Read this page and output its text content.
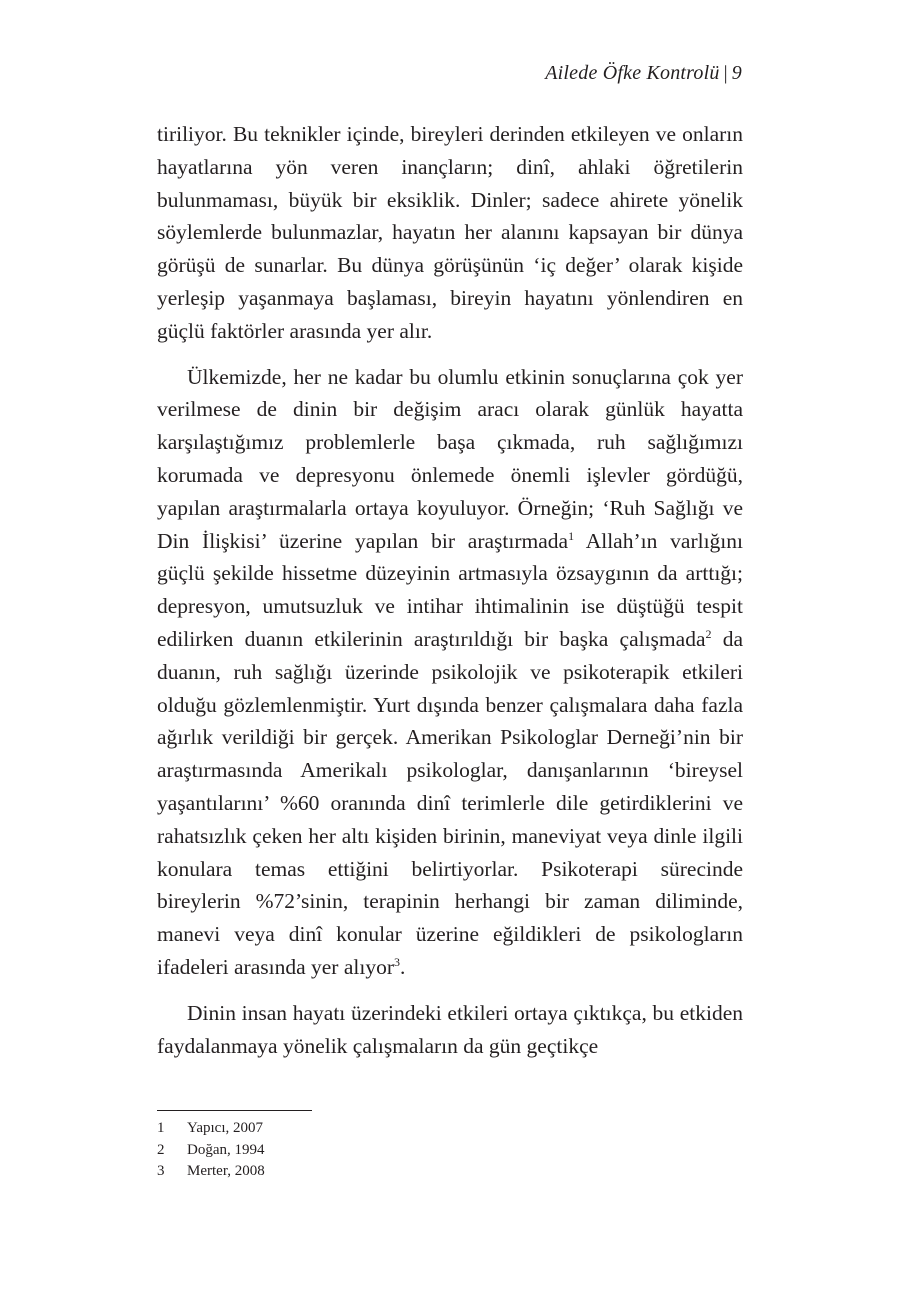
Ailede Öfke Kontrolü | 9

tiriliyor. Bu teknikler içinde, bireyleri derinden etkileyen ve onların hayatlarına yön veren inançların; dinî, ahlaki öğretilerin bulunmaması, büyük bir eksiklik. Dinler; sadece ahirete yönelik söylemlerde bulunmazlar, hayatın her alanını kapsayan bir dünya görüşü de sunarlar. Bu dünya görüşünün ‘iç değer’ olarak kişide yerleşip yaşanmaya başlaması, bireyin hayatını yönlendiren en güçlü faktörler arasında yer alır.

Ülkemizde, her ne kadar bu olumlu etkinin sonuçlarına çok yer verilmese de dinin bir değişim aracı olarak günlük hayatta karşılaştığımız problemlerle başa çıkmada, ruh sağlığımızı korumada ve depresyonu önlemede önemli işlevler gördüğü, yapılan araştırmalarla ortaya koyuluyor. Örneğin; ‘Ruh Sağlığı ve Din İlişkisi’ üzerine yapılan bir araştırmada$^1$ Allah’ın varlığını güçlü şekilde hissetme düzeyinin artmasıyla özsaygının da arttığı; depresyon, umutsuzluk ve intihar ihtimalinin ise düştüğü tespit edilirken duanın etkilerinin araştırıldığı bir başka çalışmada$^2$ da duanın, ruh sağlığı üzerinde psikolojik ve psikoterapik etkileri olduğu gözlemlenmiştir. Yurt dışında benzer çalışmalara daha fazla ağırlık verildiği bir gerçek. Amerikan Psikologlar Derneği’nin bir araştırmasında Amerikalı psikologlar, danışanlarının ‘bireysel yaşantılarını’ %60 oranında dinî terimlerle dile getirdiklerini ve rahatsızlık çeken her altı kişiden birinin, maneviyat veya dinle ilgili konulara temas ettiğini belirtiyorlar. Psikoterapi sürecinde bireylerin %72’sinin, terapinin herhangi bir zaman diliminde, manevi veya dinî konular üzerine eğildikleri de psikologların ifadeleri arasında yer alıyor$^3$.

Dinin insan hayatı üzerindeki etkileri ortaya çıktıkça, bu etkiden faydalanmaya yönelik çalışmaların da gün geçtikçe

1	Yapıcı, 2007
2	Doğan, 1994
3	Merter, 2008
